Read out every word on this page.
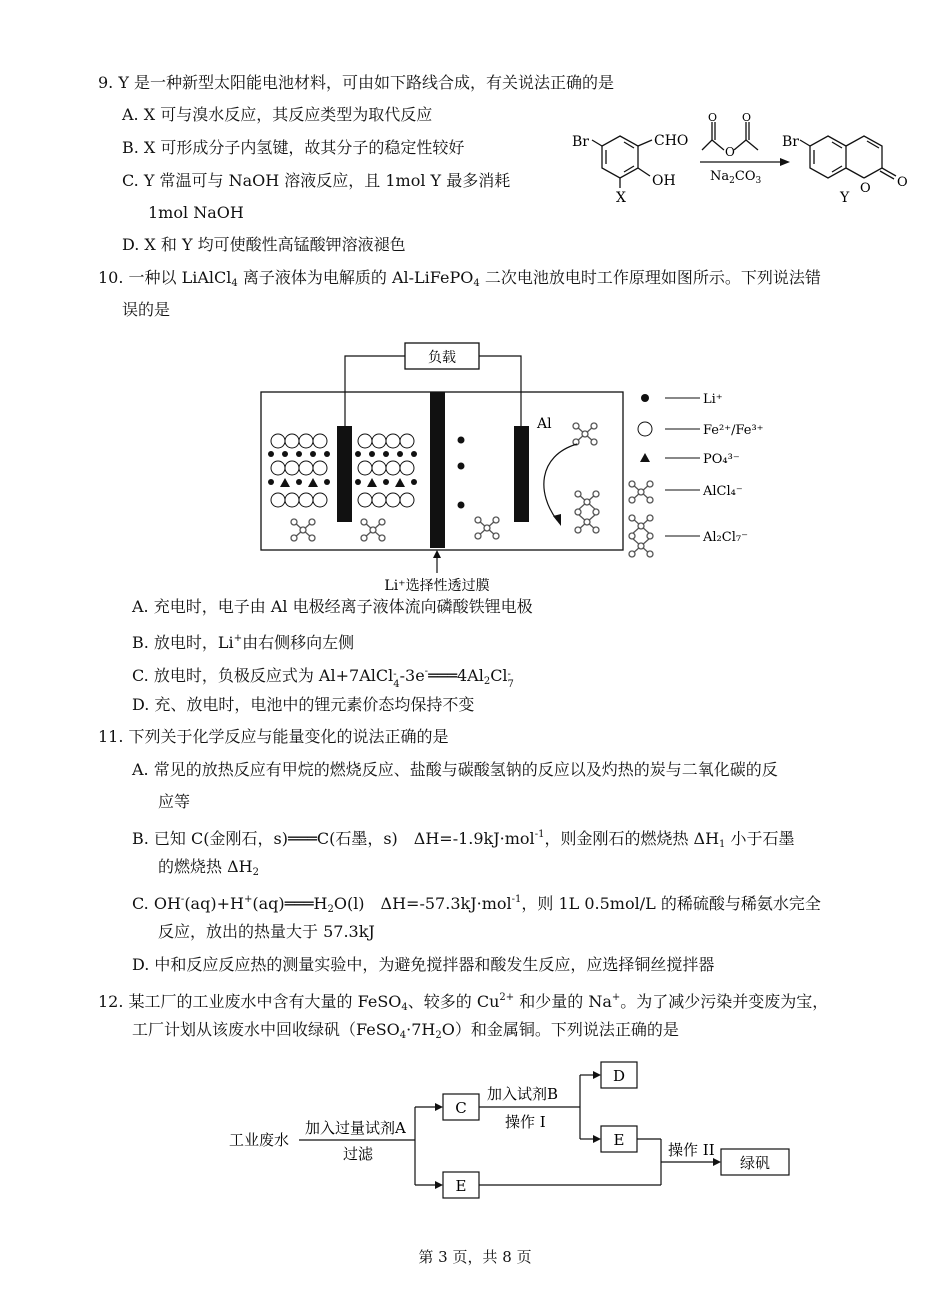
9. Y 是一种新型太阳能电池材料，可由如下路线合成，有关说法正确的是
A. X 可与溴水反应，其反应类型为取代反应
B. X 可形成分子内氢键，故其分子的稳定性较好
C. Y 常温可与 NaOH 溶液反应，且 1mol Y 最多消耗
1mol NaOH
D. X 和 Y 均可使酸性高锰酸钾溶液褪色
Br	CHO
OH
X
O
O O
$Na_2CO_3$
Br
O O
Y
10. 一种以 LiAlCl$_4$ 离子液体为电解质的 Al-LiFePO$_4$ 二次电池放电时工作原理如图所示。下列说法错
误的是
负载
Al
Li⁺选择性透过膜
Li⁺
Fe²⁺/Fe³⁺
PO₄³⁻
AlCl₄⁻
Al₂Cl₇⁻
A. 充电时，电子由 Al 电极经离子液体流向磷酸铁锂电极
B. 放电时，Li+由右侧移向左侧
C. 放电时，负极反应式为 Al+7AlCl-
$4-3e^-═══4Al_2Cl-$
7
D. 充、放电时，电池中的锂元素价态均保持不变
11. 下列关于化学反应与能量变化的说法正确的是
A. 常见的放热反应有甲烷的燃烧反应、盐酸与碳酸氢钠的反应以及灼热的炭与二氧化碳的反
应等
B. 已知 C(金刚石，s)═══C(石墨，s)　ΔH=-1.9kJ·mol$^{-1}$，则金刚石的燃烧热 $\Delta H_1$ 小于石墨
的燃烧热 $\Delta H_2$
C. $OH^-(aq)+H^+(aq)═══H_2O(l)$　ΔH=-57.3kJ·mol$^{-1}$，则 1L 0.5mol/L 的稀硫酸与稀氨水完全
反应，放出的热量大于 57.3kJ
D. 中和反应反应热的测量实验中，为避免搅拌器和酸发生反应，应选择铜丝搅拌器
12. 某工厂的工业废水中含有大量的 FeSO$_4$、较多的 $Cu^{2+}$ 和少量的 Na+。为了减少污染并变废为宝，
工厂计划从该废水中回收绿矾$(FeSO_4\cdot 7H_2O)$和金属铜。下列说法正确的是
工业废水
加入过量试剂A
过滤
C
E
加入试剂B
操作 I
D
E
操作 II
绿矾
第 3 页，共 8 页
